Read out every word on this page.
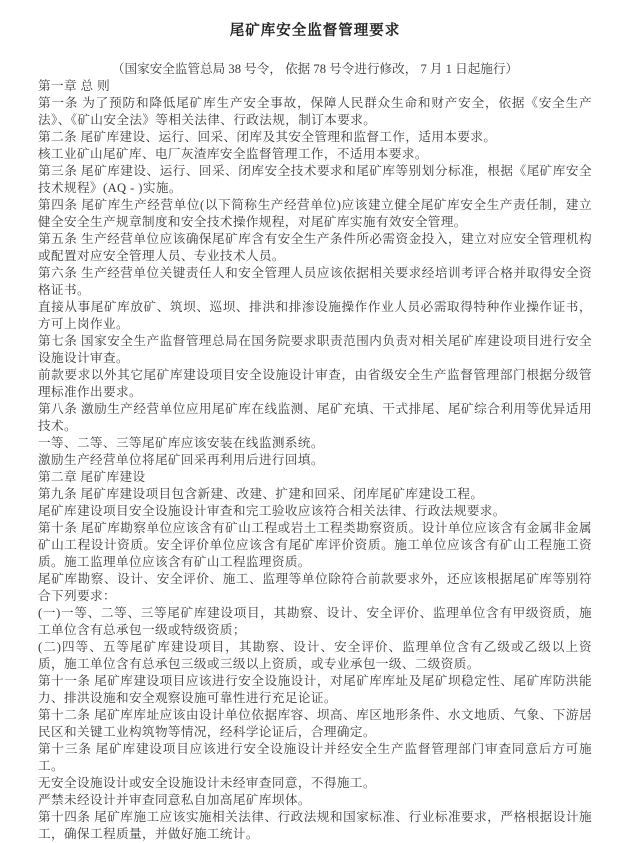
尾矿库安全监督管理要求
（国家安全监管总局 38 号令， 依据 78 号令进行修改， 7 月 1 日起施行）

第一章 总 则

第一条 为了预防和降低尾矿库生产安全事故，保障人民群众生命和财产安全，依据《安全生产法》、《矿山安全法》等相关法律、行政法规，制订本要求。

第二条 尾矿库建设、运行、回采、闭库及其安全管理和监督工作，适用本要求。

核工业矿山尾矿库、电厂灰渣库安全监督管理工作，不适用本要求。

第三条 尾矿库建设、运行、回采、闭库安全技术要求和尾矿库等别划分标准，根据《尾矿库安全技术规程》(AQ - )实施。

第四条 尾矿库生产经营单位(以下简称生产经营单位)应该建立健全尾矿库安全生产责任制，建立健全安全生产规章制度和安全技术操作规程，对尾矿库实施有效安全管理。

第五条 生产经营单位应该确保尾矿库含有安全生产条件所必需资金投入，建立对应安全管理机构或配置对应安全管理人员、专业技术人员。

第六条 生产经营单位关键责任人和安全管理人员应该依据相关要求经培训考评合格并取得安全资格证书。

直接从事尾矿库放矿、筑坝、巡坝、排洪和排渗设施操作作业人员必需取得特种作业操作证书，方可上岗作业。

第七条 国家安全生产监督管理总局在国务院要求职责范围内负责对相关尾矿库建设项目进行安全设施设计审查。

前款要求以外其它尾矿库建设项目安全设施设计审查，由省级安全生产监督管理部门根据分级管理标准作出要求。

第八条 激励生产经营单位应用尾矿库在线监测、尾矿充填、干式排尾、尾矿综合利用等优异适用技术。

一等、二等、三等尾矿库应该安装在线监测系统。

激励生产经营单位将尾矿回采再利用后进行回填。

第二章 尾矿库建设

第九条 尾矿库建设项目包含新建、改建、扩建和回采、闭库尾矿库建设工程。

尾矿库建设项目安全设施设计审查和完工验收应该符合相关法律、行政法规要求。

第十条 尾矿库勘察单位应该含有矿山工程或岩土工程类勘察资质。设计单位应该含有金属非金属矿山工程设计资质。安全评价单位应该含有尾矿库评价资质。施工单位应该含有矿山工程施工资质。施工监理单位应该含有矿山工程监理资质。

尾矿库勘察、设计、安全评价、施工、监理等单位除符合前款要求外，还应该根据尾矿库等别符合下列要求：

(一)一等、二等、三等尾矿库建设项目，其勘察、设计、安全评价、监理单位含有甲级资质，施工单位含有总承包一级或特级资质；

(二)四等、五等尾矿库建设项目，其勘察、设计、安全评价、监理单位含有乙级或乙级以上资质，施工单位含有总承包三级或三级以上资质，或专业承包一级、二级资质。

第十一条 尾矿库建设项目应该进行安全设施设计，对尾矿库库址及尾矿坝稳定性、尾矿库防洪能力、排洪设施和安全观察设施可靠性进行充足论证。

第十二条 尾矿库库址应该由设计单位依据库容、坝高、库区地形条件、水文地质、气象、下游居民区和关键工业构筑物等情况，经科学论证后，合理确定。

第十三条 尾矿库建设项目应该进行安全设施设计并经安全生产监督管理部门审查同意后方可施工。

无安全设施设计或安全设施设计未经审查同意，不得施工。

严禁未经设计并审查同意私自加高尾矿库坝体。

第十四条 尾矿库施工应该实施相关法律、行政法规和国家标准、行业标准要求，严格根据设计施工，确保工程质量，并做好施工统计。
